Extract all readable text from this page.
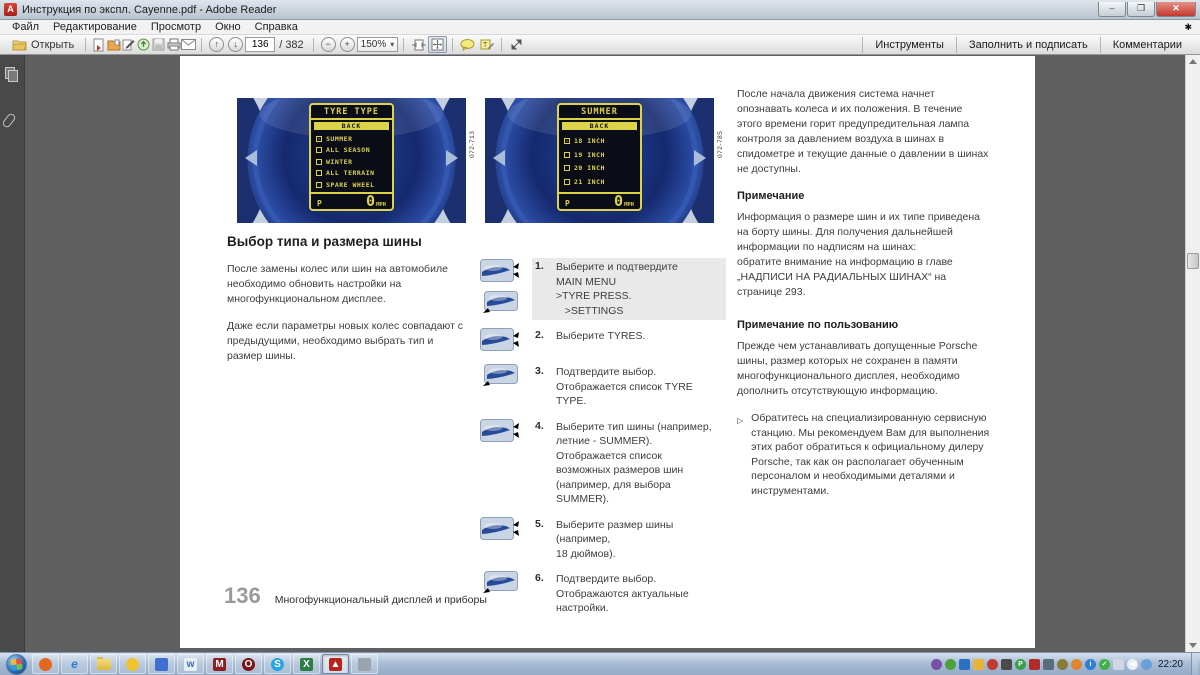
A Инструкция по экспл. Cayenne.pdf - Adobe Reader	–	❐	✕
Файл Редактирование Просмотр Окно Справка	✱
Открыть	↑	↓
136	/ 382	−	+	150% ▾	T	Инструменты	Заполнить и подписать	Комментарии
TYRE TYPE
BACK
SUMMER
ALL SEASON
WINTER
ALL TERRAIN
SPARE WHEEL
P	0 MPH
072-713
SUMMER
BACK
18 INCH
19 INCH
20 INCH
21 INCH
P	0 MPH
072-785
Выбор типа и размера шины

После замены колес или шин на автомобиле необходимо обновить настройки на многофункциональном дисплее.

Даже если параметры новых колес совпадают с предыдущими, необходимо выбрать тип и размер шины.

1.	Выберите и подтвердите
MAIN MENU
>TYRE PRESS.
>SETTINGS
2.	Выберите TYRES.
3.	Подтвердите выбор.
Отображается список TYRE TYPE.
4.	Выберите тип шины (например,
летние - SUMMER).
Отображается список
возможных размеров шин
(например, для выбора SUMMER).
5.	Выберите размер шины (например,
18 дюймов).
6.	Подтвердите выбор.
Отображаются актуальные
настройки.

После начала движения система начнет опознавать колеса и их положения. В течение этого времени горит предупредительная лампа контроля за давлением воздуха в шинах в спидометре и текущие данные о давлении в шинах не доступны.

Примечание

Информация о размере шин и их типе приведена на борту шины. Для получения дальнейшей информации по надписям на шинах:
обратите внимание на информацию в главе „НАДПИСИ НА РАДИАЛЬНЫХ ШИНАХ“ на странице 293.

Примечание по пользованию

Прежде чем устанавливать допущенные Porsche шины, размер которых не сохранен в памяти многофункционального дисплея, необходимо дополнить отсутствующую информацию.

▷ Обратитесь на специализированную сервисную станцию. Мы рекомендуем Вам для выполнения этих работ обратиться к официальному дилеру Porsche, так как он располагает обученным персоналом и необходимыми деталями и инструментами.
136 Многофункциональный дисплей и приборы
e	w M O	S	X	▲	P	i	✓	◀ 22:20
